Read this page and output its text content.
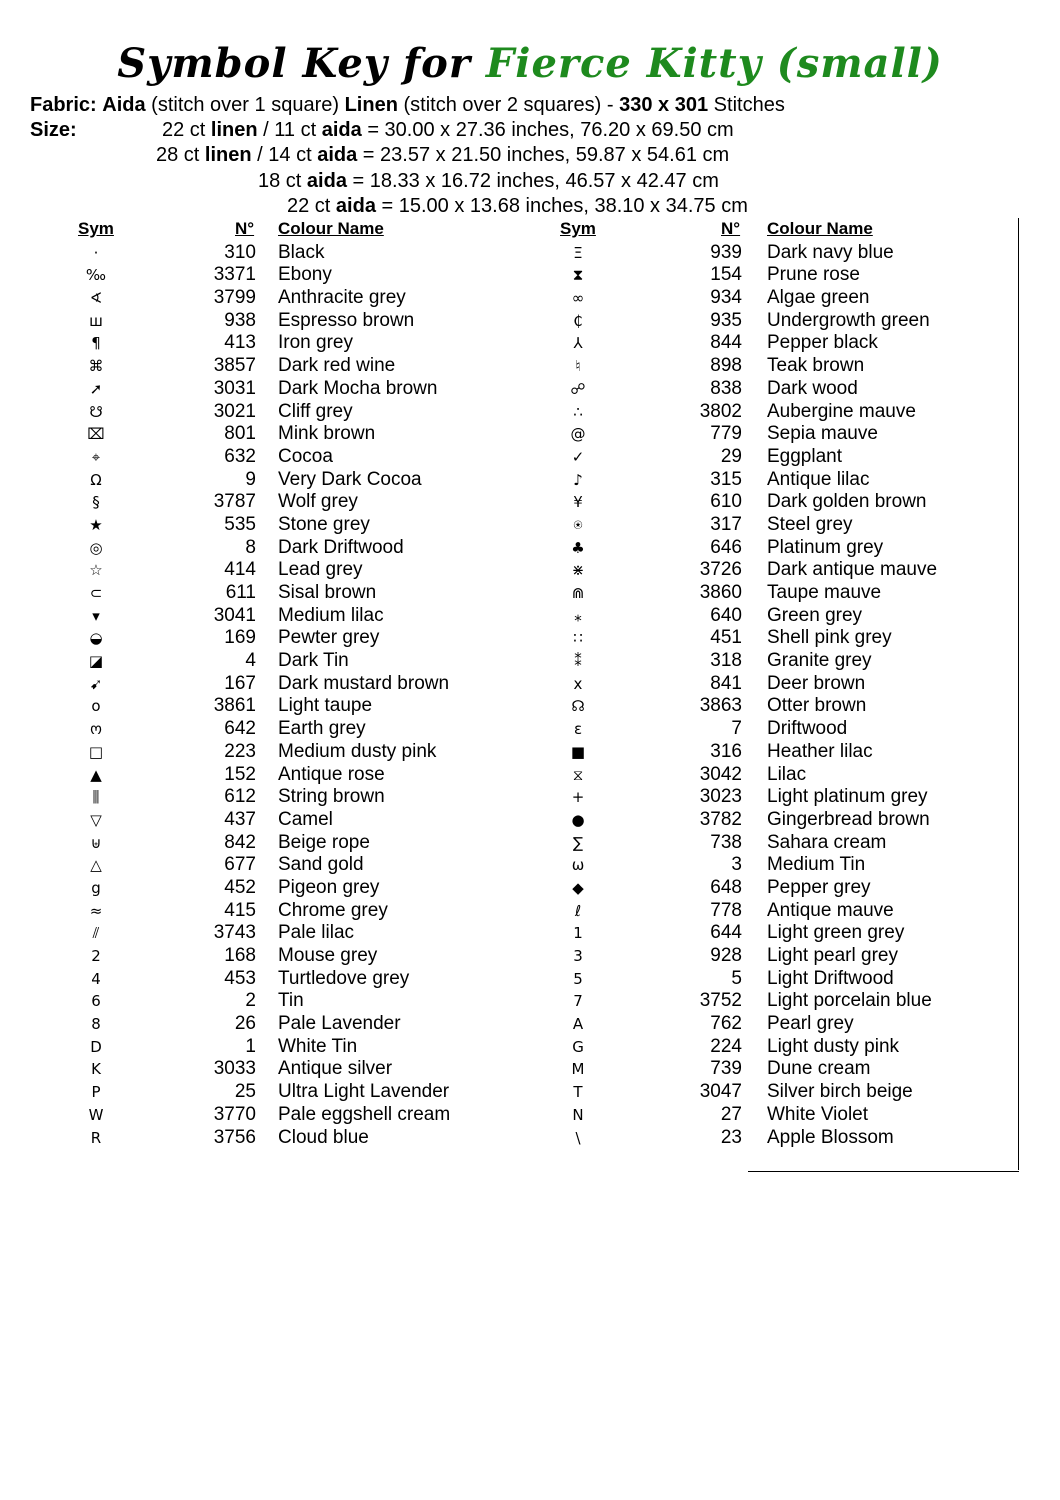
Symbol Key for Fierce Kitty (small)
Fabric: Aida (stitch over 1 square) Linen (stitch over 2 squares) - 330 x 301 Stitches
Size:	22 ct linen / 11 ct aida = 30.00 x 27.36 inches, 76.20 x 69.50 cm
28 ct linen / 14 ct aida = 23.57 x 21.50 inches, 59.87 x 54.61 cm
18 ct aida = 18.33 x 16.72 inches, 46.57 x 42.47 cm
22 ct aida = 15.00 x 13.68 inches, 38.10 x 34.75 cm
Sym	N° Colour Name
·	310 Black
‰	3371 Ebony
∢	3799 Anthracite grey
ш	938 Espresso brown
¶	413 Iron grey
⌘	3857 Dark red wine
➚	3031 Dark Mocha brown
☋	3021 Cliff grey
⌧	801 Mink brown
⌖	632 Cocoa
Ω	9 Very Dark Cocoa
§	3787 Wolf grey
★	535 Stone grey
◎	8 Dark Driftwood
☆	414 Lead grey
⊂	611 Sisal brown
▾	3041 Medium lilac
◒	169 Pewter grey
◪	4 Dark Tin
➹	167 Dark mustard brown
o	3861 Light taupe
ო	642 Earth grey
□	223 Medium dusty pink
▲	152 Antique rose
⫼	612 String brown
▽	437 Camel
⊎	842 Beige rope
△	677 Sand gold
g	452 Pigeon grey
≈	415 Chrome grey
⫽	3743 Pale lilac
2	168 Mouse grey
4	453 Turtledove grey
6	2 Tin
8	26 Pale Lavender
D	1 White Tin
K	3033 Antique silver
P	25 Ultra Light Lavender
W	3770 Pale eggshell cream
R	3756 Cloud blue
Sym	N° Colour Name
Ξ	939 Dark navy blue
⧗	154 Prune rose
∞	934 Algae green
₵	935 Undergrowth green
⅄	844 Pepper black
♮	898 Teak brown
☍	838 Dark wood
∴	3802 Aubergine mauve
@	779 Sepia mauve
✓	29 Eggplant
♪	315 Antique lilac
¥	610 Dark golden brown
⍟	317 Steel grey
♣	646 Platinum grey
⋇	3726 Dark antique mauve
⋒	3860 Taupe mauve
⁎	640 Green grey
∷	451 Shell pink grey
⁑	318 Granite grey
x	841 Deer brown
☊	3863 Otter brown
ε	7 Driftwood
■	316 Heather lilac
⧖	3042 Lilac
+	3023 Light platinum grey
●	3782 Gingerbread brown
∑	738 Sahara cream
ω	3 Medium Tin
◆	648 Pepper grey
ℓ	778 Antique mauve
1	644 Light green grey
3	928 Light pearl grey
5	5 Light Driftwood
7	3752 Light porcelain blue
A	762 Pearl grey
G	224 Light dusty pink
M	739 Dune cream
T	3047 Silver birch beige
N	27 White Violet
\	23 Apple Blossom
